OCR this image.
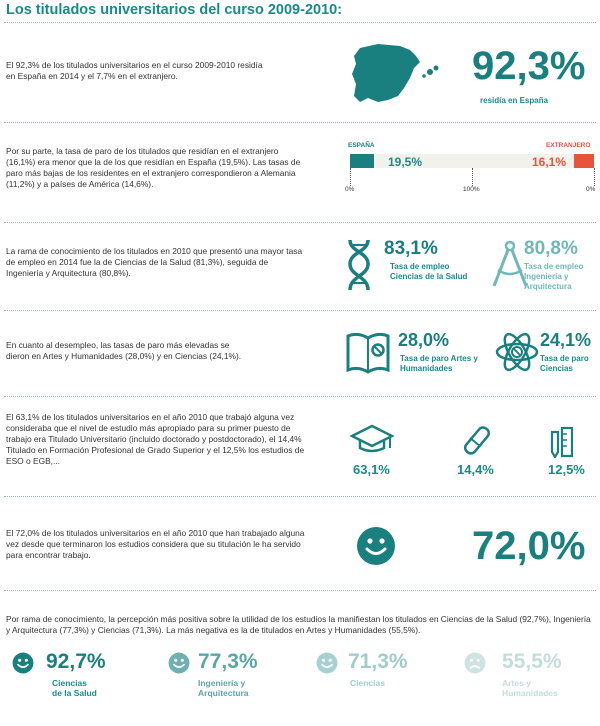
Los titulados universitarios del curso 2009-2010:
El 92,3% de los titulados universitarios en el curso 2009-2010 residía en España en 2014 y el 7,7% en el extranjero.	92,3%
residía en España
Por su parte, la tasa de paro de los titulados que residían en el extranjero (16,1%) era menor que la de los que residían en España (19,5%). Las tasas de paro más bajas de los residentes en el extranjero correspondieron a Alemania (11,2%) y a países de América (14,6%).
ESPAÑA	EXTRANJERO
19,5%	16,1%
0%	100%	0%
La rama de conocimiento de los titulados en 2010 que presentó una mayor tasa de empleo en 2014 fue la de Ciencias de la Salud (81,3%), seguida de Ingeniería y Arquitectura (80,8%).
83,1%
Tasa de empleo Ciencias de la Salud
80,8%
Tasa de empleo Ingeniería y Arquitectura
En cuanto al desempleo, las tasas de paro más elevadas se dieron en Artes y Humanidades (28,0%) y en Ciencias (24,1%).
28,0%
Tasa de paro Artes y Humanidades
24,1%
Tasa de paro Ciencias
El 63,1% de los titulados universitarios en el año 2010 que trabajó alguna vez consideraba que el nivel de estudio más apropiado para su primer puesto de trabajo era Titulado Universitario (incluido doctorado y postdoctorado), el 14,4% Titulado en Formación Profesional de Grado Superior y el 12,5% los estudios de ESO o EGB,...
63,1%	14,4%	12,5%
El 72,0% de los titulados universitarios en el año 2010 que han trabajado alguna vez desde que terminaron los estudios considera que su titulación le ha servido para encontrar trabajo.	72,0%
Por rama de conocimiento, la percepción más positiva sobre la utilidad de los estudios la manifiestan los titulados en Ciencias de la Salud (92,7%), Ingeniería y Arquitectura (77,3%) y Ciencias (71,3%). La más negativa es la de titulados en Artes y Humanidades (55,5%).
92,7%
Ciencias
de la Salud
77,3%
Ingeniería y
Arquitectura
71,3%
Ciencias
55,5%
Artes y
Humanidades
